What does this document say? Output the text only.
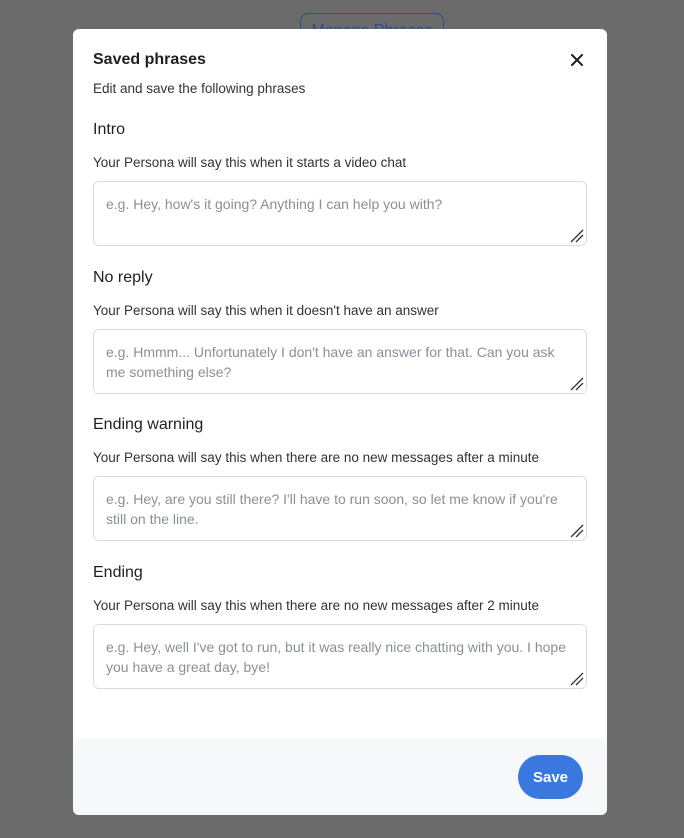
Saved phrases
Edit and save the following phrases
Intro
Your Persona will say this when it starts a video chat
e.g. Hey, how's it going? Anything I can help you with?
No reply
Your Persona will say this when it doesn't have an answer
e.g. Hmmm... Unfortunately I don't have an answer for that. Can you ask me something else?
Ending warning
Your Persona will say this when there are no new messages after a minute
e.g. Hey, are you still there? I'll have to run soon, so let me know if you're still on the line.
Ending
Your Persona will say this when there are no new messages after 2 minute
e.g. Hey, well I've got to run, but it was really nice chatting with you. I hope you have a great day, bye!
Save
